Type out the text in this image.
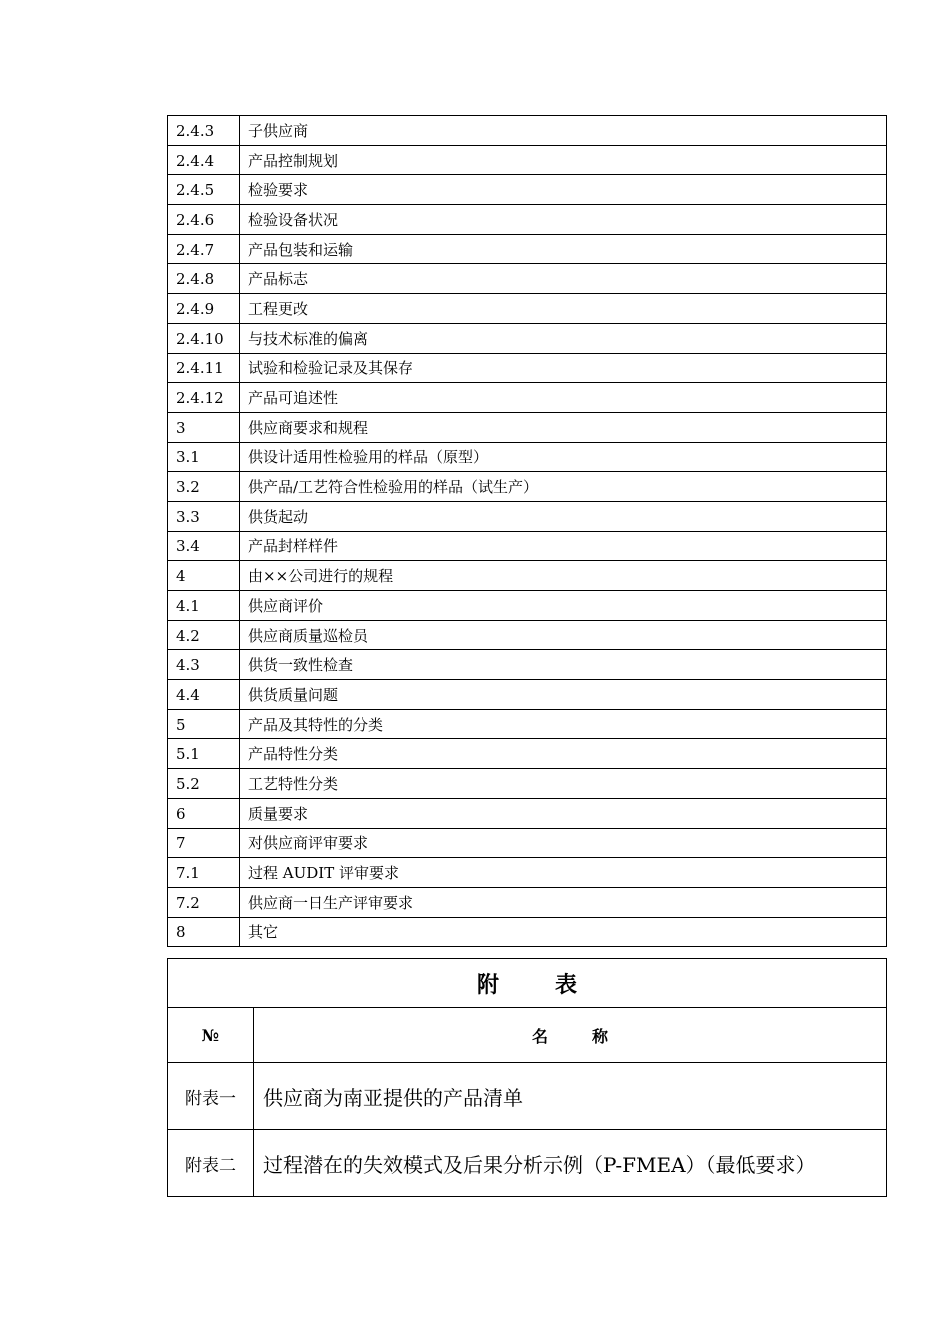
2.4.3	子供应商
2.4.4	产品控制规划
2.4.5	检验要求
2.4.6	检验设备状况
2.4.7	产品包装和运输
2.4.8	产品标志
2.4.9	工程更改
2.4.10	与技术标准的偏离
2.4.11	试验和检验记录及其保存
2.4.12	产品可追述性
3	供应商要求和规程
3.1	供设计适用性检验用的样品（原型）
3.2	供产品/工艺符合性检验用的样品（试生产）
3.3	供货起动
3.4	产品封样样件
4	由××公司进行的规程
4.1	供应商评价
4.2	供应商质量巡检员
4.3	供货一致性检查
4.4	供货质量问题
5	产品及其特性的分类
5.1	产品特性分类
5.2	工艺特性分类
6	质量要求
7	对供应商评审要求
7.1	过程 AUDIT 评审要求
7.2	供应商一日生产评审要求
8	其它
附表	
№	名称
附表一	供应商为南亚提供的产品清单
附表二	过程潜在的失效模式及后果分析示例（P-FMEA）（最低要求）
